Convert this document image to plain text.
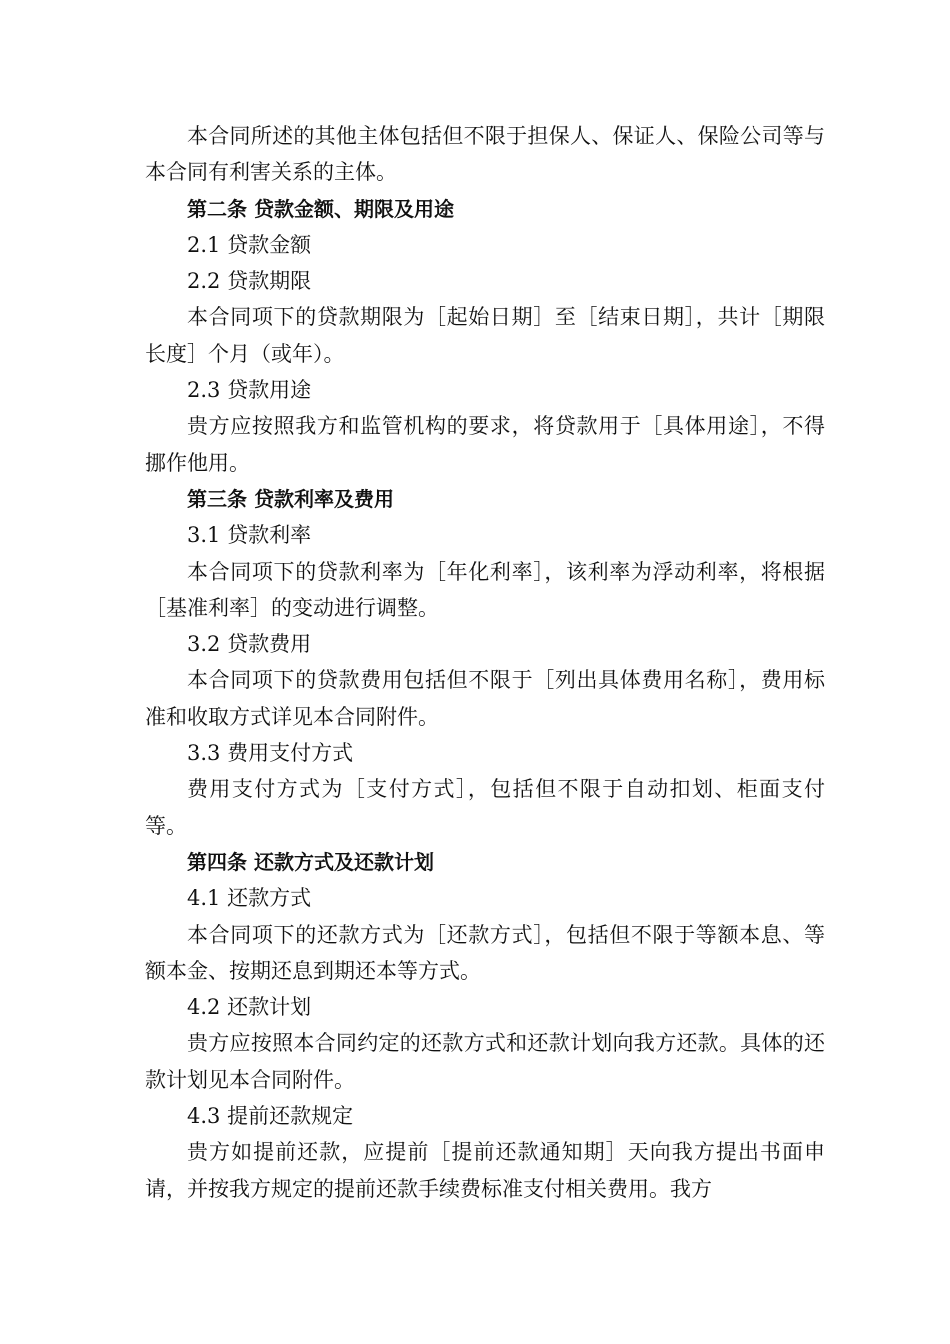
本合同所述的其他主体包括但不限于担保人、保证人、保险公司等与本合同有利害关系的主体。

第二条 贷款金额、期限及用途

2.1 贷款金额

2.2 贷款期限

本合同项下的贷款期限为［起始日期］至［结束日期］，共计［期限长度］个月（或年）。

2.3 贷款用途

贵方应按照我方和监管机构的要求，将贷款用于［具体用途］，不得挪作他用。

第三条 贷款利率及费用

3.1 贷款利率

本合同项下的贷款利率为［年化利率］，该利率为浮动利率，将根据［基准利率］的变动进行调整。

3.2 贷款费用

本合同项下的贷款费用包括但不限于［列出具体费用名称］，费用标准和收取方式详见本合同附件。

3.3 费用支付方式

费用支付方式为［支付方式］，包括但不限于自动扣划、柜面支付等。

第四条 还款方式及还款计划

4.1 还款方式

本合同项下的还款方式为［还款方式］，包括但不限于等额本息、等额本金、按期还息到期还本等方式。

4.2 还款计划

贵方应按照本合同约定的还款方式和还款计划向我方还款。具体的还款计划见本合同附件。

4.3 提前还款规定

贵方如提前还款，应提前［提前还款通知期］天向我方提出书面申请，并按我方规定的提前还款手续费标准支付相关费用。我方
